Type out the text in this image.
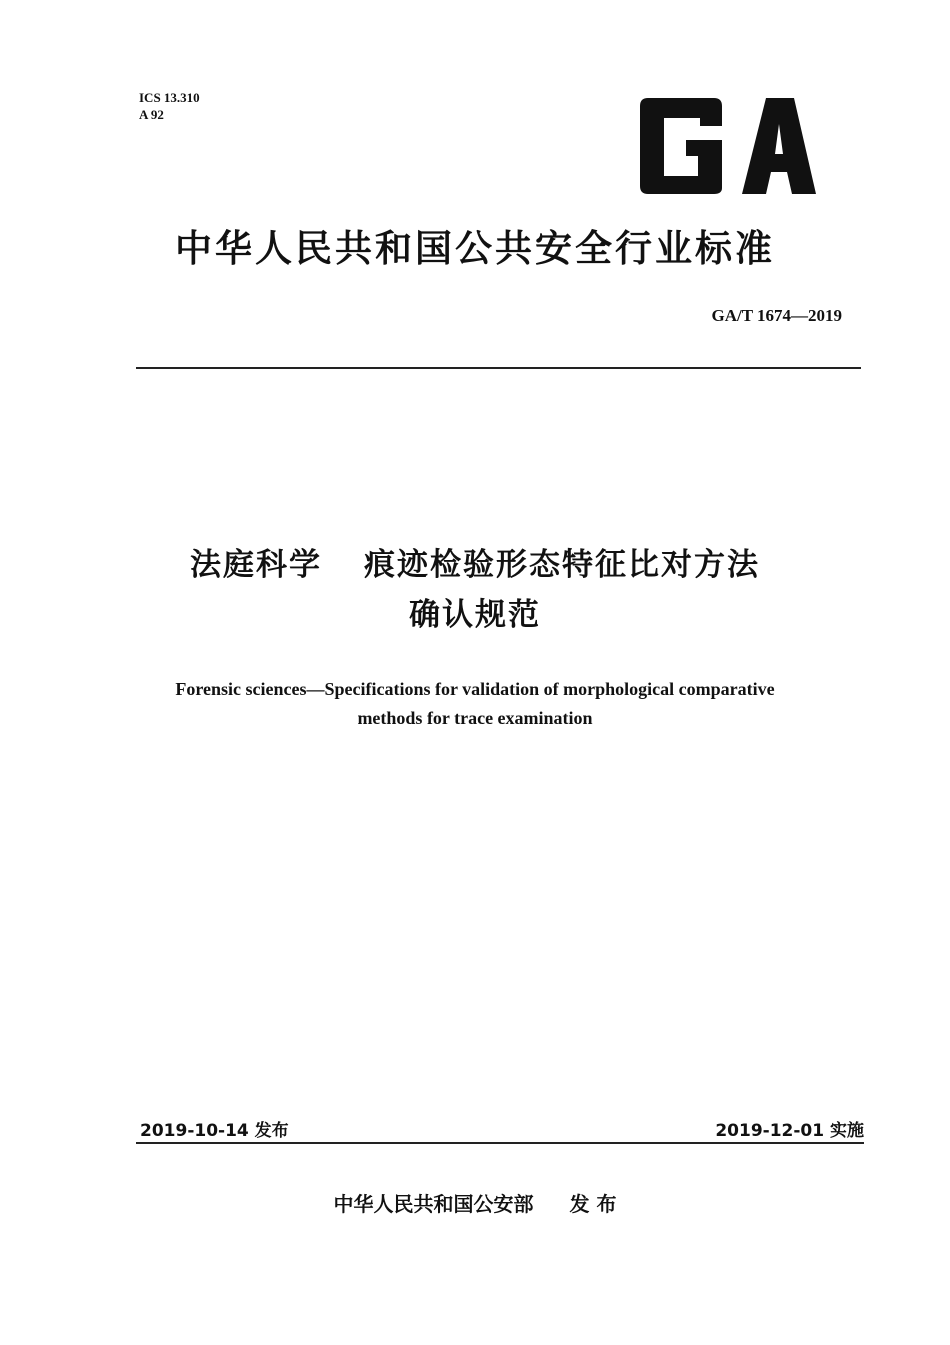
ICS 13.310
A 92
中华人民共和国公共安全行业标准
GA/T 1674—2019
法庭科学 痕迹检验形态特征比对方法
确认规范
Forensic sciences—Specifications for validation of morphological comparative
methods for trace examination
2019-10-14 发布	2019-12-01 实施
中华人民共和国公安部 发 布
